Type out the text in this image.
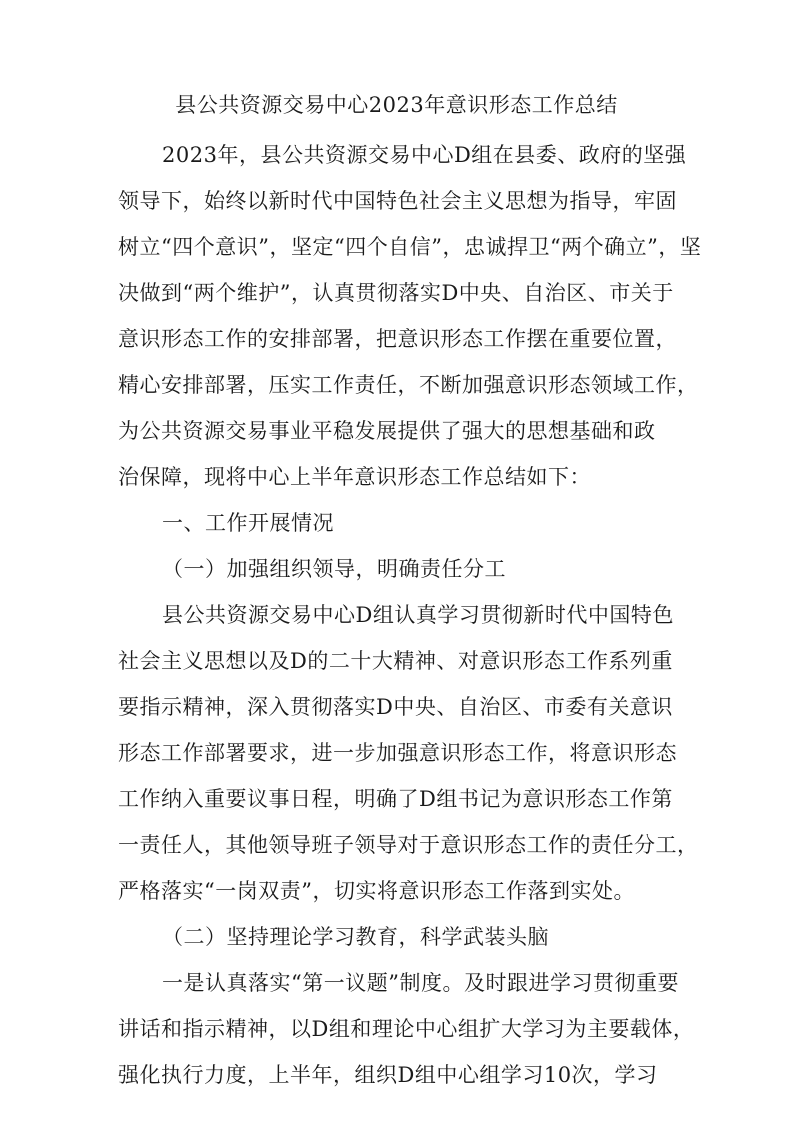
县公共资源交易中心2023年意识形态工作总结
2023年，县公共资源交易中心D组在县委、政府的坚强
领导下，始终以新时代中国特色社会主义思想为指导，牢固
树立“四个意识”，坚定“四个自信”，忠诚捍卫“两个确立”，坚
决做到“两个维护”，认真贯彻落实D中央、自治区、市关于
意识形态工作的安排部署，把意识形态工作摆在重要位置，
精心安排部署，压实工作责任，不断加强意识形态领域工作，
为公共资源交易事业平稳发展提供了强大的思想基础和政
治保障，现将中心上半年意识形态工作总结如下：
一、工作开展情况
（一）加强组织领导，明确责任分工
县公共资源交易中心D组认真学习贯彻新时代中国特色
社会主义思想以及D的二十大精神、对意识形态工作系列重
要指示精神，深入贯彻落实D中央、自治区、市委有关意识
形态工作部署要求，进一步加强意识形态工作，将意识形态
工作纳入重要议事日程，明确了D组书记为意识形态工作第
一责任人，其他领导班子领导对于意识形态工作的责任分工，
严格落实“一岗双责”，切实将意识形态工作落到实处。
（二）坚持理论学习教育，科学武装头脑
一是认真落实“第一议题”制度。及时跟进学习贯彻重要
讲话和指示精神，以D组和理论中心组扩大学习为主要载体，
强化执行力度，上半年，组织D组中心组学习10次，学习
